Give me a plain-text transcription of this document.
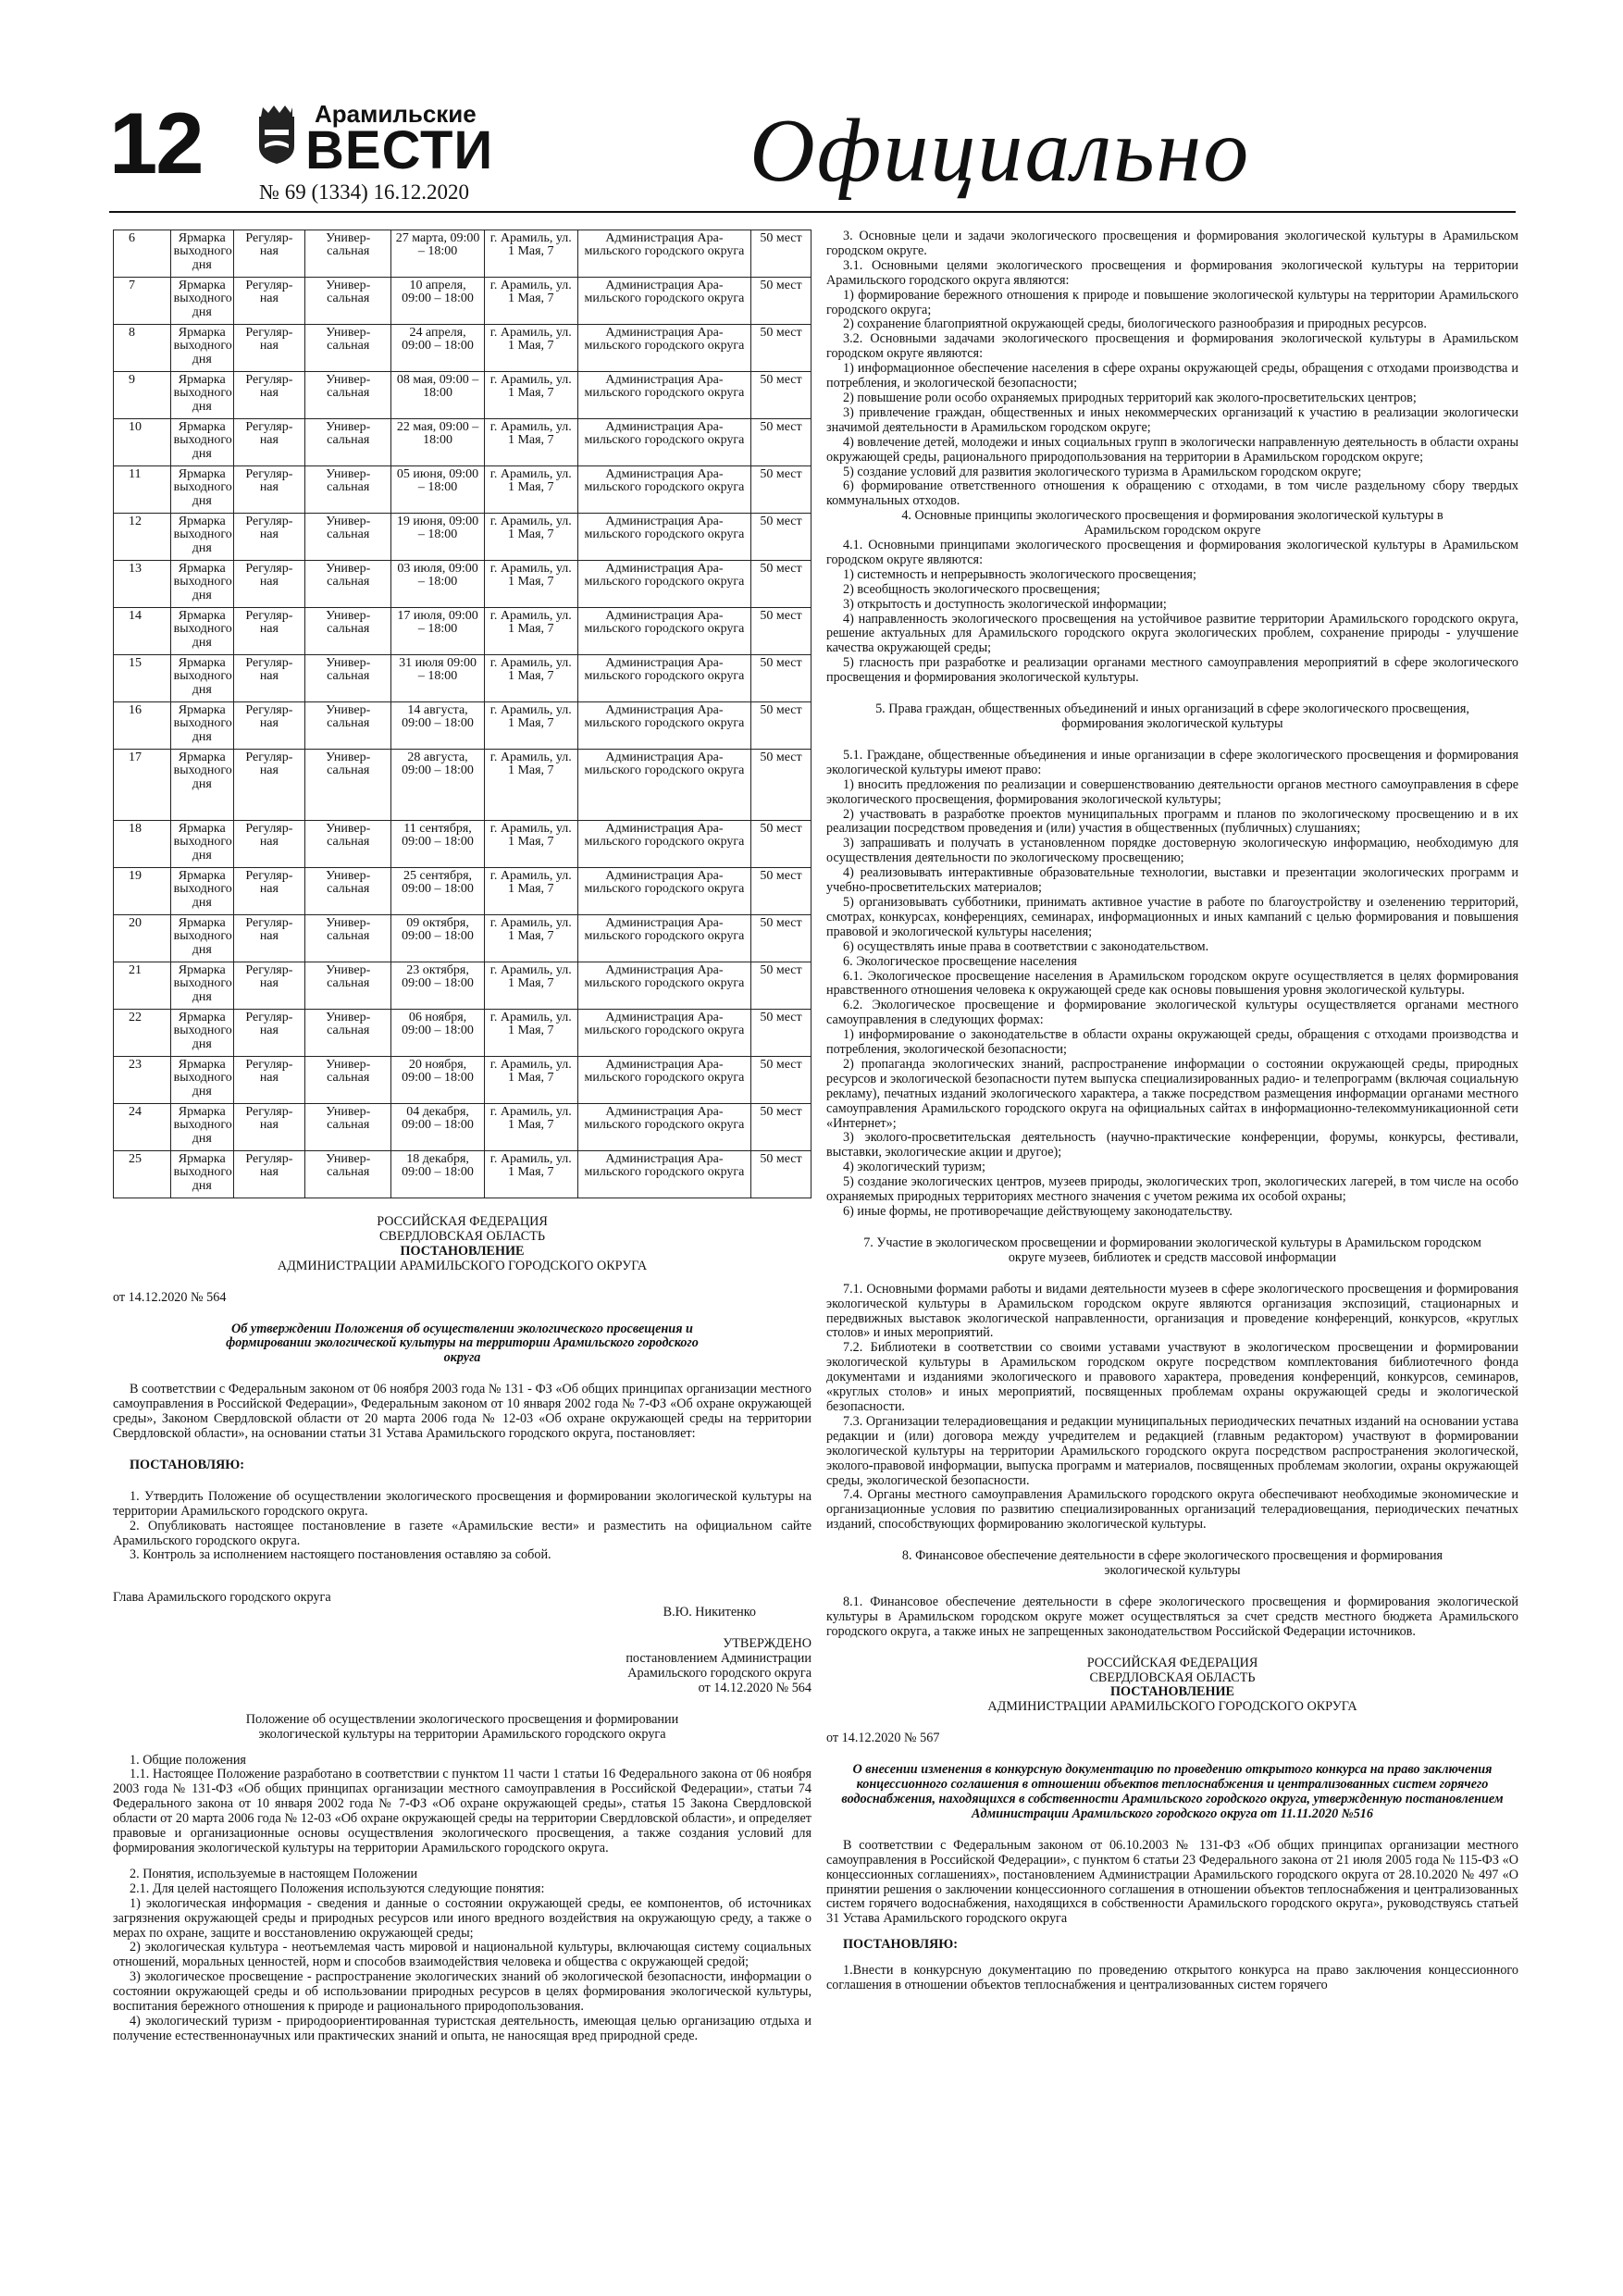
12	Арамильские
ВЕСТИ
№ 69 (1334) 16.12.2020	Официально
6	Ярмарка выходного дня	Регуляр-ная	Универ-сальная	27 марта, 09:00 – 18:00	г. Арамиль, ул. 1 Мая, 7	Администрация Ара-мильского городского округа	50 мест
7	Ярмарка выходного дня	Регуляр-ная	Универ-сальная	10 апреля, 09:00 – 18:00	г. Арамиль, ул. 1 Мая, 7	Администрация Ара-мильского городского округа	50 мест
8	Ярмарка выходного дня	Регуляр-ная	Универ-сальная	24 апреля, 09:00 – 18:00	г. Арамиль, ул. 1 Мая, 7	Администрация Ара-мильского городского округа	50 мест
9	Ярмарка выходного дня	Регуляр-ная	Универ-сальная	08 мая, 09:00 – 18:00	г. Арамиль, ул. 1 Мая, 7	Администрация Ара-мильского городского округа	50 мест
10	Ярмарка выходного дня	Регуляр-ная	Универ-сальная	22 мая, 09:00 – 18:00	г. Арамиль, ул. 1 Мая, 7	Администрация Ара-мильского городского округа	50 мест
11	Ярмарка выходного дня	Регуляр-ная	Универ-сальная	05 июня, 09:00 – 18:00	г. Арамиль, ул. 1 Мая, 7	Администрация Ара-мильского городского округа	50 мест
12	Ярмарка выходного дня	Регуляр-ная	Универ-сальная	19 июня, 09:00 – 18:00	г. Арамиль, ул. 1 Мая, 7	Администрация Ара-мильского городского округа	50 мест
13	Ярмарка выходного дня	Регуляр-ная	Универ-сальная	03 июля, 09:00 – 18:00	г. Арамиль, ул. 1 Мая, 7	Администрация Ара-мильского городского округа	50 мест
14	Ярмарка выходного дня	Регуляр-ная	Универ-сальная	17 июля, 09:00 – 18:00	г. Арамиль, ул. 1 Мая, 7	Администрация Ара-мильского городского округа	50 мест
15	Ярмарка выходного дня	Регуляр-ная	Универ-сальная	31 июля 09:00 – 18:00	г. Арамиль, ул. 1 Мая, 7	Администрация Ара-мильского городского округа	50 мест
16	Ярмарка выходного дня	Регуляр-ная	Универ-сальная	14 августа, 09:00 – 18:00	г. Арамиль, ул. 1 Мая, 7	Администрация Ара-мильского городского округа	50 мест
17	Ярмарка выходного дня	Регуляр-ная	Универ-сальная	28 августа, 09:00 – 18:00	г. Арамиль, ул. 1 Мая, 7	Администрация Ара-мильского городского округа	50 мест
18	Ярмарка выходного дня	Регуляр-ная	Универ-сальная	11 сентября, 09:00 – 18:00	г. Арамиль, ул. 1 Мая, 7	Администрация Ара-мильского городского округа	50 мест
19	Ярмарка выходного дня	Регуляр-ная	Универ-сальная	25 сентября, 09:00 – 18:00	г. Арамиль, ул. 1 Мая, 7	Администрация Ара-мильского городского округа	50 мест
20	Ярмарка выходного дня	Регуляр-ная	Универ-сальная	09 октября, 09:00 – 18:00	г. Арамиль, ул. 1 Мая, 7	Администрация Ара-мильского городского округа	50 мест
21	Ярмарка выходного дня	Регуляр-ная	Универ-сальная	23 октября, 09:00 – 18:00	г. Арамиль, ул. 1 Мая, 7	Администрация Ара-мильского городского округа	50 мест
22	Ярмарка выходного дня	Регуляр-ная	Универ-сальная	06 ноября, 09:00 – 18:00	г. Арамиль, ул. 1 Мая, 7	Администрация Ара-мильского городского округа	50 мест
23	Ярмарка выходного дня	Регуляр-ная	Универ-сальная	20 ноября, 09:00 – 18:00	г. Арамиль, ул. 1 Мая, 7	Администрация Ара-мильского городского округа	50 мест
24	Ярмарка выходного дня	Регуляр-ная	Универ-сальная	04 декабря, 09:00 – 18:00	г. Арамиль, ул. 1 Мая, 7	Администрация Ара-мильского городского округа	50 мест
25	Ярмарка выходного дня	Регуляр-ная	Универ-сальная	18 декабря, 09:00 – 18:00	г. Арамиль, ул. 1 Мая, 7	Администрация Ара-мильского городского округа	50 мест

РОССИЙСКАЯ ФЕДЕРАЦИЯ

СВЕРДЛОВСКАЯ ОБЛАСТЬ

ПОСТАНОВЛЕНИЕ

АДМИНИСТРАЦИИ АРАМИЛЬСКОГО ГОРОДСКОГО ОКРУГА

от 14.12.2020 № 564

Об утверждении Положения об осуществлении экологического просвещения и формировании экологической культуры на территории Арамильского городского округа

В соответствии с Федеральным законом от 06 ноября 2003 года № 131 - ФЗ «Об общих принципах организации местного самоуправления в Российской Федерации», Федеральным законом от 10 января 2002 года № 7-ФЗ «Об охране окружающей среды», Законом Свердловской области от 20 марта 2006 года № 12-03 «Об охране окружающей среды на территории Свердловской области», на основании статьи 31 Устава Арамильского городского округа, постановляет:

ПОСТАНОВЛЯЮ:

1. Утвердить Положение об осуществлении экологического просвещения и формировании экологической культуры на территории Арамильского городского округа.

2. Опубликовать настоящее постановление в газете «Арамильские вести» и разместить на официальном сайте Арамильского городского округа.

3. Контроль за исполнением настоящего постановления оставляю за собой.

Глава Арамильского городского округа

В.Ю. Никитенко

УТВЕРЖДЕНО

постановлением Администрации

Арамильского городского округа

от 14.12.2020 № 564

Положение об осуществлении экологического просвещения и формировании экологической культуры на территории Арамильского городского округа

1. Общие положения

1.1. Настоящее Положение разработано в соответствии с пунктом 11 части 1 статьи 16 Федерального закона от 06 ноября 2003 года № 131-ФЗ «Об общих принципах организации местного самоуправления в Российской Федерации», статьи 74 Федерального закона от 10 января 2002 года № 7-ФЗ «Об охране окружающей среды», статья 15 Закона Свердловской области от 20 марта 2006 года № 12-03 «Об охране окружающей среды на территории Свердловской области», и определяет правовые и организационные основы осуществления экологического просвещения, а также создания условий для формирования экологической культуры на территории Арамильского городского округа.

2. Понятия, используемые в настоящем Положении

2.1. Для целей настоящего Положения используются следующие понятия:

1) экологическая информация - сведения и данные о состоянии окружающей среды, ее компонентов, об источниках загрязнения окружающей среды и природных ресурсов или иного вредного воздействия на окружающую среду, а также о мерах по охране, защите и восстановлению окружающей среды;

2) экологическая культура - неотъемлемая часть мировой и национальной культуры, включающая систему социальных отношений, моральных ценностей, норм и способов взаимодействия человека и общества с окружающей средой;

3) экологическое просвещение - распространение экологических знаний об экологической безопасности, информации о состоянии окружающей среды и об использовании природных ресурсов в целях формирования экологической культуры, воспитания бережного отношения к природе и рационального природопользования.

4) экологический туризм - природоориентированная туристская деятельность, имеющая целью организацию отдыха и получение естественнонаучных или практических знаний и опыта, не наносящая вред природной среде.

3. Основные цели и задачи экологического просвещения и формирования экологической культуры в Арамильском городском округе.

3.1. Основными целями экологического просвещения и формирования экологической культуры на территории Арамильского городского округа являются:

1) формирование бережного отношения к природе и повышение экологической культуры на территории Арамильского городского округа;

2) сохранение благоприятной окружающей среды, биологического разнообразия и природных ресурсов.

3.2. Основными задачами экологического просвещения и формирования экологической культуры в Арамильском городском округе являются:

1) информационное обеспечение населения в сфере охраны окружающей среды, обращения с отходами производства и потребления, и экологической безопасности;

2) повышение роли особо охраняемых природных территорий как эколого-просветительских центров;

3) привлечение граждан, общественных и иных некоммерческих организаций к участию в реализации экологически значимой деятельности в Арамильском городском округе;

4) вовлечение детей, молодежи и иных социальных групп в экологически направленную деятельность в области охраны окружающей среды, рационального природопользования на территории в Арамильском городском округе;

5) создание условий для развития экологического туризма в Арамильском городском округе;

6) формирование ответственного отношения к обращению с отходами, в том числе раздельному сбору твердых коммунальных отходов.

4. Основные принципы экологического просвещения и формирования экологической культуры в Арамильском городском округе

4.1. Основными принципами экологического просвещения и формирования экологической культуры в Арамильском городском округе являются:

1) системность и непрерывность экологического просвещения;

2) всеобщность экологического просвещения;

3) открытость и доступность экологической информации;

4) направленность экологического просвещения на устойчивое развитие территории Арамильского городского округа, решение актуальных для Арамильского городского округа экологических проблем, сохранение природы - улучшение качества окружающей среды;

5) гласность при разработке и реализации органами местного самоуправления мероприятий в сфере экологического просвещения и формирования экологической культуры.

5. Права граждан, общественных объединений и иных организаций в сфере экологического просвещения, формирования экологической культуры

5.1. Граждане, общественные объединения и иные организации в сфере экологического просвещения и формирования экологической культуры имеют право:

1) вносить предложения по реализации и совершенствованию деятельности органов местного самоуправления в сфере экологического просвещения, формирования экологической культуры;

2) участвовать в разработке проектов муниципальных программ и планов по экологическому просвещению и в их реализации посредством проведения и (или) участия в общественных (публичных) слушаниях;

3) запрашивать и получать в установленном порядке достоверную экологическую информацию, необходимую для осуществления деятельности по экологическому просвещению;

4) реализовывать интерактивные образовательные технологии, выставки и презентации экологических программ и учебно-просветительских материалов;

5) организовывать субботники, принимать активное участие в работе по благоустройству и озеленению территорий, смотрах, конкурсах, конференциях, семинарах, информационных и иных кампаний с целью формирования и повышения правовой и экологической культуры населения;

6) осуществлять иные права в соответствии с законодательством.

6. Экологическое просвещение населения

6.1. Экологическое просвещение населения в Арамильском городском округе осуществляется в целях формирования нравственного отношения человека к окружающей среде как основы повышения уровня экологической культуры.

6.2. Экологическое просвещение и формирование экологической культуры осуществляется органами местного самоуправления в следующих формах:

1) информирование о законодательстве в области охраны окружающей среды, обращения с отходами производства и потребления, экологической безопасности;

2) пропаганда экологических знаний, распространение информации о состоянии окружающей среды, природных ресурсов и экологической безопасности путем выпуска специализированных радио- и телепрограмм (включая социальную рекламу), печатных изданий экологического характера, а также посредством размещения информации органами местного самоуправления Арамильского городского округа на официальных сайтах в информационно-телекоммуникационной сети «Интернет»;

3) эколого-просветительская деятельность (научно-практические конференции, форумы, конкурсы, фестивали, выставки, экологические акции и другое);

4) экологический туризм;

5) создание экологических центров, музеев природы, экологических троп, экологических лагерей, в том числе на особо охраняемых природных территориях местного значения с учетом режима их особой охраны;

6) иные формы, не противоречащие действующему законодательству.

7. Участие в экологическом просвещении и формировании экологической культуры в Арамильском городском округе музеев, библиотек и средств массовой информации

7.1. Основными формами работы и видами деятельности музеев в сфере экологического просвещения и формирования экологической культуры в Арамильском городском округе являются организация экспозиций, стационарных и передвижных выставок экологической направленности, организация и проведение конференций, конкурсов, «круглых столов» и иных мероприятий.

7.2. Библиотеки в соответствии со своими уставами участвуют в экологическом просвещении и формировании экологической культуры в Арамильском городском округе посредством комплектования библиотечного фонда документами и изданиями экологического и правового характера, проведения конференций, конкурсов, семинаров, «круглых столов» и иных мероприятий, посвященных проблемам охраны окружающей среды и экологической безопасности.

7.3. Организации телерадиовещания и редакции муниципальных периодических печатных изданий на основании устава редакции и (или) договора между учредителем и редакцией (главным редактором) участвуют в формировании экологической культуры на территории Арамильского городского округа посредством распространения экологической, эколого-правовой информации, выпуска программ и материалов, посвященных проблемам экологии, охраны окружающей среды, экологической безопасности.

7.4. Органы местного самоуправления Арамильского городского округа обеспечивают необходимые экономические и организационные условия по развитию специализированных организаций телерадиовещания, периодических печатных изданий, способствующих формированию экологической культуры.

8. Финансовое обеспечение деятельности в сфере экологического просвещения и формирования экологической культуры

8.1. Финансовое обеспечение деятельности в сфере экологического просвещения и формирования экологической культуры в Арамильском городском округе может осуществляться за счет средств местного бюджета Арамильского городского округа, а также иных не запрещенных законодательством Российской Федерации источников.

РОССИЙСКАЯ ФЕДЕРАЦИЯ

СВЕРДЛОВСКАЯ ОБЛАСТЬ

ПОСТАНОВЛЕНИЕ

АДМИНИСТРАЦИИ АРАМИЛЬСКОГО ГОРОДСКОГО ОКРУГА

от 14.12.2020 № 567

О внесении изменения в конкурсную документацию по проведению открытого конкурса на право заключения концессионного соглашения в отношении объектов теплоснабжения и централизованных систем горячего водоснабжения, находящихся в собственности Арамильского городского округа, утвержденную постановлением Администрации Арамильского городского округа от 11.11.2020 №516

В соответствии с Федеральным законом от 06.10.2003 № 131-ФЗ «Об общих принципах организации местного самоуправления в Российской Федерации», с пунктом 6 статьи 23 Федерального закона от 21 июля 2005 года № 115-ФЗ «О концессионных соглашениях», постановлением Администрации Арамильского городского округа от 28.10.2020 № 497 «О принятии решения о заключении концессионного соглашения в отношении объектов теплоснабжения и централизованных систем горячего водоснабжения, находящихся в собственности Арамильского городского округа», руководствуясь статьей 31 Устава Арамильского городского округа

ПОСТАНОВЛЯЮ:

1.Внести в конкурсную документацию по проведению открытого конкурса на право заключения концессионного соглашения в отношении объектов теплоснабжения и централизованных систем горячего
